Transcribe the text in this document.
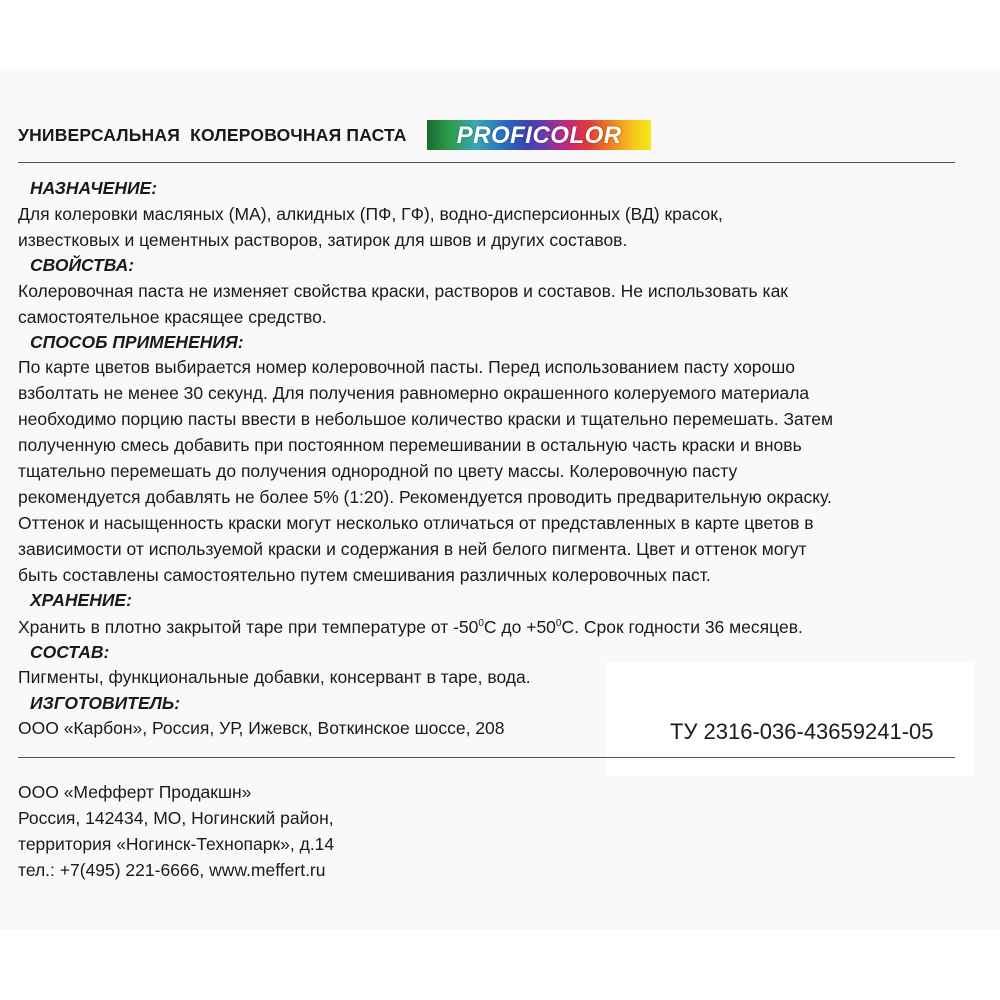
УНИВЕРСАЛЬНАЯ  КОЛЕРОВОЧНАЯ ПАСТА PROFICOLOR
НАЗНАЧЕНИЕ:
Для колеровки масляных (МА), алкидных (ПФ, ГФ), водно-дисперсионных (ВД) красок,
известковых и цементных растворов, затирок для швов и других составов.
СВОЙСТВА:
Колеровочная паста не изменяет свойства краски, растворов и составов. Не использовать как
самостоятельное красящее средство.
СПОСОБ ПРИМЕНЕНИЯ:
По карте цветов выбирается номер колеровочной пасты. Перед использованием пасту хорошо
взболтать не менее 30 секунд. Для получения равномерно окрашенного колеруемого материала
необходимо порцию пасты ввести в небольшое количество краски и тщательно перемешать. Затем
полученную смесь добавить при постоянном перемешивании в остальную часть краски и вновь
тщательно перемешать до получения однородной по цвету массы. Колеровочную пасту
рекомендуется добавлять не более 5% (1:20). Рекомендуется проводить предварительную окраску.
Оттенок и насыщенность краски могут несколько отличаться от представленных в карте цветов в
зависимости от используемой краски и содержания в ней белого пигмента. Цвет и оттенок могут
быть составлены самостоятельно путем смешивания различных колеровочных паст.
ХРАНЕНИЕ:
Хранить в плотно закрытой таре при температуре от $-50^0С$ до $+50^0С$. Срок годности 36 месяцев.
СОСТАВ:
Пигменты, функциональные добавки, консервант в таре, вода.
ИЗГОТОВИТЕЛЬ:
ООО «Карбон», Россия, УР, Ижевск, Воткинское шоссе, 208	ТУ 2316-036-43659241-05
ООО «Мефферт Продакшн»
Россия, 142434, МО, Ногинский район,
территория «Ногинск-Технопарк», д.14
тел.: +7(495) 221-6666, www.meffert.ru
